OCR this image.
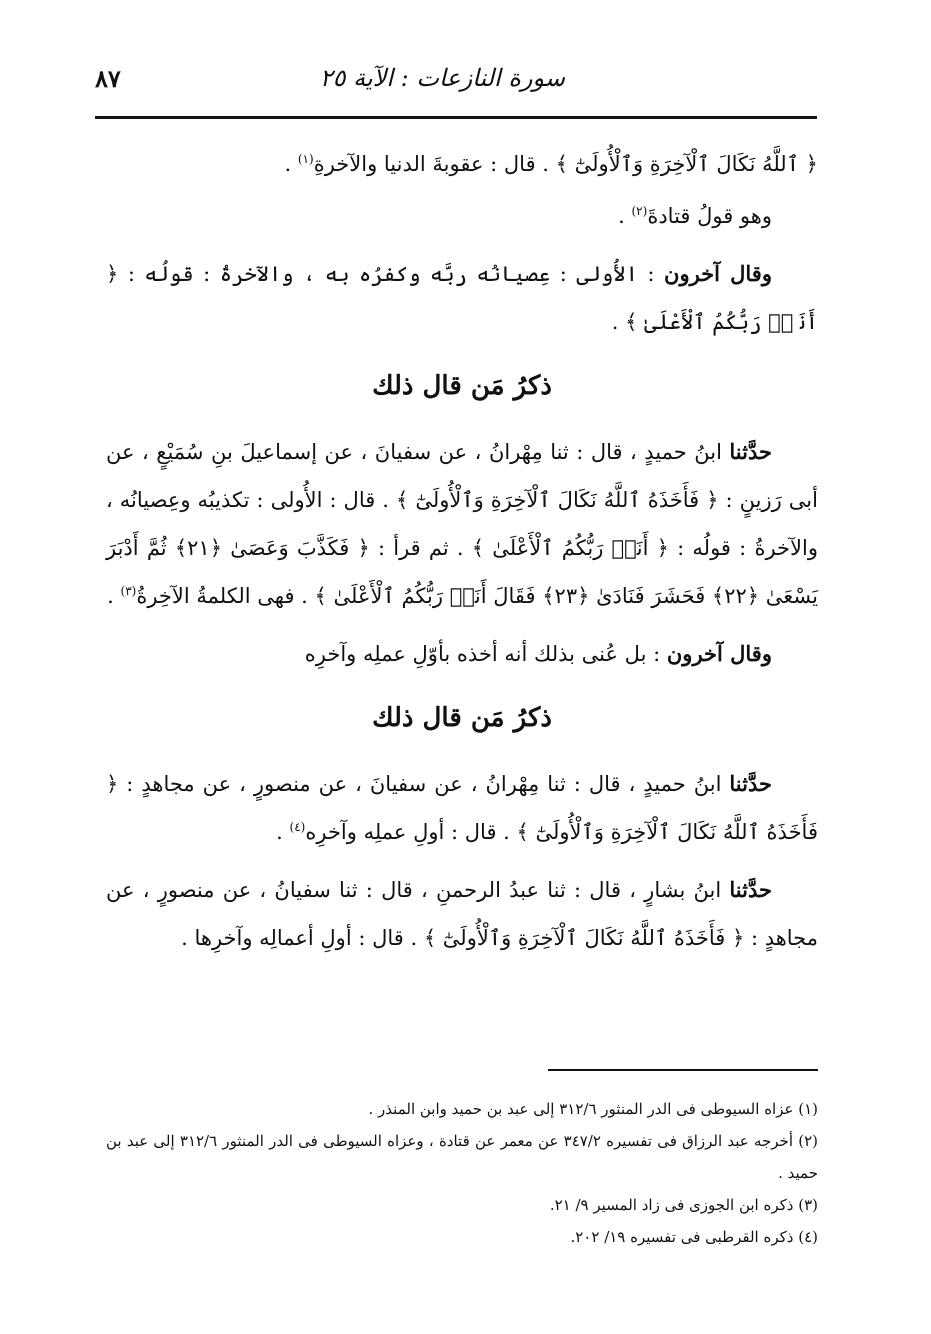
سورة النازعات : الآية ٢٥
٨٧

﴿ ٱللَّهُ نَكَالَ ٱلْآخِرَةِ وَٱلْأُولَىٰٓ ﴾ . قال : عقوبةَ الدنيا والآخرةِ$^{(١)}$ .

وهو قولُ قتادةَ$^{(٢)}$ .

وقال آخرون : الأُولى : عِصيانُه ربَّه وكفرُه به ، والآخرةُ : قولُه : ﴿ أَنَا۠ رَبُّكُمُ ٱلْأَعْلَىٰ ﴾ .

ذكرُ مَن قال ذلك

حدَّثنا ابنُ حميدٍ ، قال : ثنا مِهْرانُ ، عن سفيانَ ، عن إسماعيلَ بنِ سُمَيْعٍ ، عن أبى رَزينٍ : ﴿ فَأَخَذَهُ ٱللَّهُ نَكَالَ ٱلْآخِرَةِ وَٱلْأُولَىٰٓ ﴾ . قال : الأُولى : تكذيبُه وعِصيانُه ، والآخرةُ : قولُه : ﴿ أَنَا۠ رَبُّكُمُ ٱلْأَعْلَىٰ ﴾ . ثم قرأ : ﴿ فَكَذَّبَ وَعَصَىٰ ﴿٢١﴾ ثُمَّ أَدْبَرَ يَسْعَىٰ ﴿٢٢﴾ فَحَشَرَ فَنَادَىٰ ﴿٢٣﴾ فَقَالَ أَنَا۠ رَبُّكُمُ ٱلْأَعْلَىٰ ﴾ . فهى الكلمةُ الآخِرةُ$^{(٣)}$ .

وقال آخرون : بل عُنى بذلك أنه أخذه بأوّلِ عملِه وآخرِه

ذكرُ مَن قال ذلك

حدَّثنا ابنُ حميدٍ ، قال : ثنا مِهْرانُ ، عن سفيانَ ، عن منصورٍ ، عن مجاهدٍ : ﴿ فَأَخَذَهُ ٱللَّهُ نَكَالَ ٱلْآخِرَةِ وَٱلْأُولَىٰٓ ﴾ . قال : أولِ عملِه وآخرِه$^{(٤)}$ .

حدَّثنا ابنُ بشارٍ ، قال : ثنا عبدُ الرحمنِ ، قال : ثنا سفيانُ ، عن منصورٍ ، عن مجاهدٍ : ﴿ فَأَخَذَهُ ٱللَّهُ نَكَالَ ٱلْآخِرَةِ وَٱلْأُولَىٰٓ ﴾ . قال : أولِ أعمالِه وآخرِها .

(١) عزاه السيوطى فى الدر المنثور ٣١٢/٦ إلى عبد بن حميد وابن المنذر .

(٢) أخرجه عبد الرزاق فى تفسيره ٣٤٧/٢ عن معمر عن قتادة ، وعزاه السيوطى فى الدر المنثور ٣١٢/٦ إلى عبد بن حميد .

(٣) ذكره ابن الجوزى فى زاد المسير ٩/ ٢١.

(٤) ذكره القرطبى فى تفسيره ١٩/ ٢٠٢.
